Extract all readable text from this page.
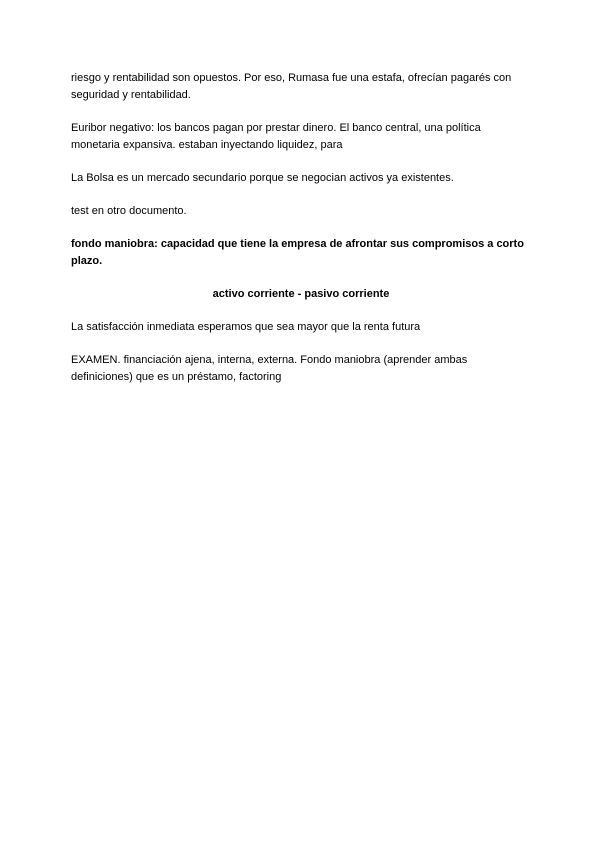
riesgo y rentabilidad son opuestos. Por eso, Rumasa fue una estafa, ofrecían pagarés con seguridad y rentabilidad.

Euribor negativo: los bancos pagan por prestar dinero. El banco central, una política monetaria expansiva. estaban inyectando liquidez, para

La Bolsa es un mercado secundario porque se negocian activos ya existentes.

test en otro documento.

fondo maniobra: capacidad que tiene la empresa de afrontar sus compromisos a corto plazo.

activo corriente - pasivo corriente

La satisfacción inmediata esperamos que sea mayor que la renta futura

EXAMEN. financiación ajena, interna, externa. Fondo maniobra (aprender ambas definiciones) que es un préstamo, factoring
